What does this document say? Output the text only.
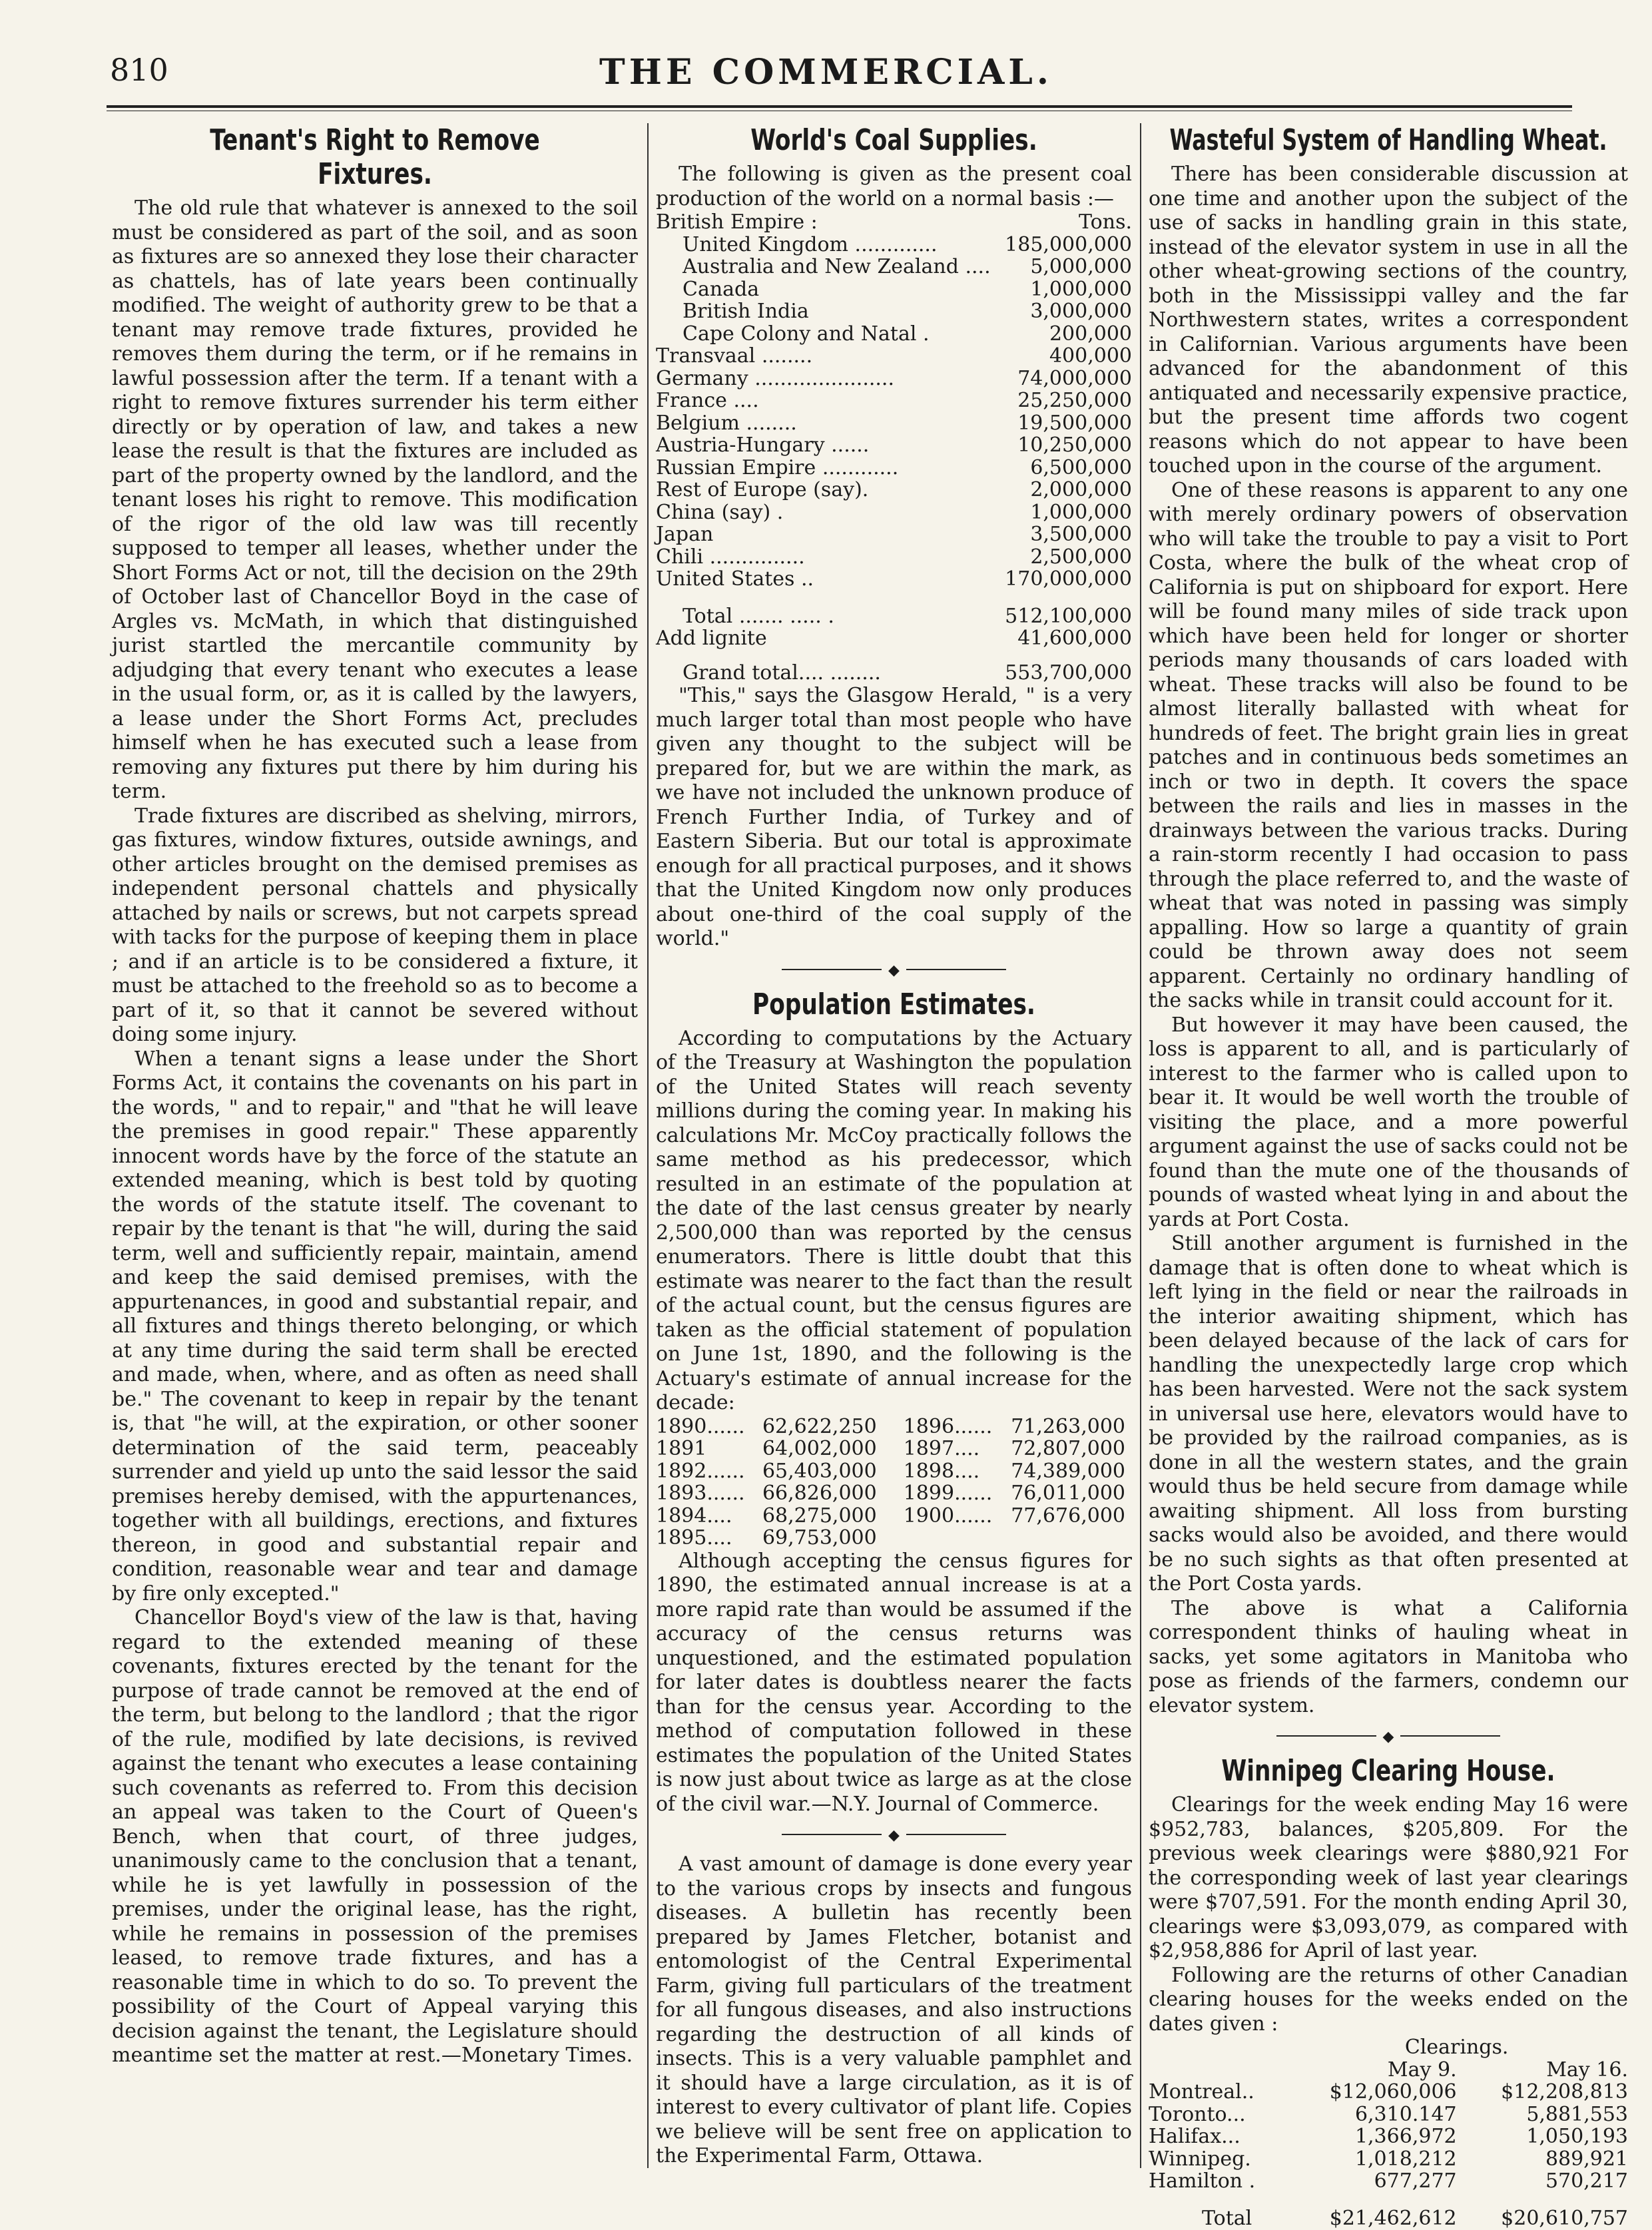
810	THE COMMERCIAL.
Tenant's Right to Remove Fixtures.

The old rule that whatever is annexed to the soil must be considered as part of the soil, and as soon as fixtures are so annexed they lose their character as chattels, has of late years been continually modified. The weight of authority grew to be that a tenant may remove trade fixtures, provided he removes them during the term, or if he remains in lawful possession after the term. If a tenant with a right to remove fixtures surrender his term either directly or by operation of law, and takes a new lease the result is that the fixtures are included as part of the property owned by the landlord, and the tenant loses his right to remove. This modification of the rigor of the old law was till recently supposed to temper all leases, whether under the Short Forms Act or not, till the decision on the 29th of October last of Chancellor Boyd in the case of Argles vs. McMath, in which that distinguished jurist startled the mercantile community by adjudging that every tenant who executes a lease in the usual form, or, as it is called by the lawyers, a lease under the Short Forms Act, precludes himself when he has executed such a lease from removing any fixtures put there by him during his term.

Trade fixtures are discribed as shelving, mirrors, gas fixtures, window fixtures, outside awnings, and other articles brought on the demised premises as independent personal chattels and physically attached by nails or screws, but not carpets spread with tacks for the purpose of keeping them in place ; and if an article is to be considered a fixture, it must be attached to the freehold so as to become a part of it, so that it cannot be severed without doing some injury.

When a tenant signs a lease under the Short Forms Act, it contains the covenants on his part in the words, " and to repair," and "that he will leave the premises in good repair." These apparently innocent words have by the force of the statute an extended meaning, which is best told by quoting the words of the statute itself. The covenant to repair by the tenant is that "he will, during the said term, well and sufficiently repair, maintain, amend and keep the said demised premises, with the appurtenances, in good and substantial repair, and all fixtures and things thereto belonging, or which at any time during the said term shall be erected and made, when, where, and as often as need shall be." The covenant to keep in repair by the tenant is, that "he will, at the expiration, or other sooner determination of the said term, peaceably surrender and yield up unto the said lessor the said premises hereby demised, with the appurtenances, together with all buildings, erections, and fixtures thereon, in good and substantial repair and condition, reasonable wear and tear and damage by fire only excepted."

Chancellor Boyd's view of the law is that, having regard to the extended meaning of these covenants, fixtures erected by the tenant for the purpose of trade cannot be removed at the end of the term, but belong to the landlord ; that the rigor of the rule, modified by late decisions, is revived against the tenant who executes a lease containing such covenants as referred to. From this decision an appeal was taken to the Court of Queen's Bench, when that court, of three judges, unanimously came to the conclusion that a tenant, while he is yet lawfully in possession of the premises, under the original lease, has the right, while he remains in possession of the premises leased, to remove trade fixtures, and has a reasonable time in which to do so. To prevent the possibility of the Court of Appeal varying this decision against the tenant, the Legislature should meantime set the matter at rest.—Monetary Times.

World's Coal Supplies.

The following is given as the present coal production of the world on a normal basis :—

British Empire :	Tons.
United Kingdom .............	185,000,000
Australia and New Zealand ....	5,000,000
Canada	1,000,000
British India	3,000,000
Cape Colony and Natal .	200,000
Transvaal ........	400,000
Germany ......................	74,000,000
France ....	25,250,000
Belgium ........	19,500,000
Austria-Hungary ......	10,250,000
Russian Empire ............	6,500,000
Rest of Europe (say).	2,000,000
China (say) .	1,000,000
Japan	3,500,000
Chili ...............	2,500,000
United States ..	170,000,000
Total ....... ..... .	512,100,000
Add lignite	41,600,000
Grand total.... ........	553,700,000

"This," says the Glasgow Herald, " is a very much larger total than most people who have given any thought to the subject will be prepared for, but we are within the mark, as we have not included the unknown produce of French Further India, of Turkey and of Eastern Siberia. But our total is approximate enough for all practical purposes, and it shows that the United Kingdom now only produces about one-third of the coal supply of the world."

◆
Population Estimates.

According to computations by the Actuary of the Treasury at Washington the population of the United States will reach seventy millions during the coming year. In making his calculations Mr. McCoy practically follows the same method as his predecessor, which resulted in an estimate of the population at the date of the last census greater by nearly 2,500,000 than was reported by the census enumerators. There is little doubt that this estimate was nearer to the fact than the result of the actual count, but the census figures are taken as the official statement of population on June 1st, 1890, and the following is the Actuary's estimate of annual increase for the decade:

1890......	62,622,250	1896......	71,263,000
1891	64,002,000	1897....	72,807,000
1892......	65,403,000	1898....	74,389,000
1893......	66,826,000	1899......	76,011,000
1894....	68,275,000	1900......	77,676,000
1895....	69,753,000		

Although accepting the census figures for 1890, the estimated annual increase is at a more rapid rate than would be assumed if the accuracy of the census returns was unquestioned, and the estimated population for later dates is doubtless nearer the facts than for the census year. According to the method of computation followed in these estimates the population of the United States is now just about twice as large as at the close of the civil war.—N.Y. Journal of Commerce.

◆

A vast amount of damage is done every year to the various crops by insects and fungous diseases. A bulletin has recently been prepared by James Fletcher, botanist and entomologist of the Central Experimental Farm, giving full particulars of the treatment for all fungous diseases, and also instructions regarding the destruction of all kinds of insects. This is a very valuable pamphlet and it should have a large circulation, as it is of interest to every cultivator of plant life. Copies we believe will be sent free on application to the Experimental Farm, Ottawa.

Wasteful System of Handling Wheat.

There has been considerable discussion at one time and another upon the subject of the use of sacks in handling grain in this state, instead of the elevator system in use in all the other wheat-growing sections of the country, both in the Mississippi valley and the far Northwestern states, writes a correspondent in Californian. Various arguments have been advanced for the abandonment of this antiquated and necessarily expensive practice, but the present time affords two cogent reasons which do not appear to have been touched upon in the course of the argument.

One of these reasons is apparent to any one with merely ordinary powers of observation who will take the trouble to pay a visit to Port Costa, where the bulk of the wheat crop of California is put on shipboard for export. Here will be found many miles of side track upon which have been held for longer or shorter periods many thousands of cars loaded with wheat. These tracks will also be found to be almost literally ballasted with wheat for hundreds of feet. The bright grain lies in great patches and in continuous beds sometimes an inch or two in depth. It covers the space between the rails and lies in masses in the drainways between the various tracks. During a rain-storm recently I had occasion to pass through the place referred to, and the waste of wheat that was noted in passing was simply appalling. How so large a quantity of grain could be thrown away does not seem apparent. Certainly no ordinary handling of the sacks while in transit could account for it.

But however it may have been caused, the loss is apparent to all, and is particularly of interest to the farmer who is called upon to bear it. It would be well worth the trouble of visiting the place, and a more powerful argument against the use of sacks could not be found than the mute one of the thousands of pounds of wasted wheat lying in and about the yards at Port Costa.

Still another argument is furnished in the damage that is often done to wheat which is left lying in the field or near the railroads in the interior awaiting shipment, which has been delayed because of the lack of cars for handling the unexpectedly large crop which has been harvested. Were not the sack system in universal use here, elevators would have to be provided by the railroad companies, as is done in all the western states, and the grain would thus be held secure from damage while awaiting shipment. All loss from bursting sacks would also be avoided, and there would be no such sights as that often presented at the Port Costa yards.

The above is what a California correspondent thinks of hauling wheat in sacks, yet some agitators in Manitoba who pose as friends of the farmers, condemn our elevator system.

◆
Winnipeg Clearing House.

Clearings for the week ending May 16 were $952,783, balances, $205,809. For the previous week clearings were $880,921 For the corresponding week of last year clearings were $707,591. For the month ending April 30, clearings were $3,093,079, as compared with $2,958,886 for April of last year.

Following are the returns of other Canadian clearing houses for the weeks ended on the dates given :

	Clearings.	
	May 9.	May 16.
Montreal..	$12,060,006	$12,208,813
Toronto...	6,310.147	5,881,553
Halifax...	1,366,972	1,050,193
Winnipeg.	1,018,212	889,921
Hamilton .	677,277	570,217
Total	$21,462,612	$20,610,757
